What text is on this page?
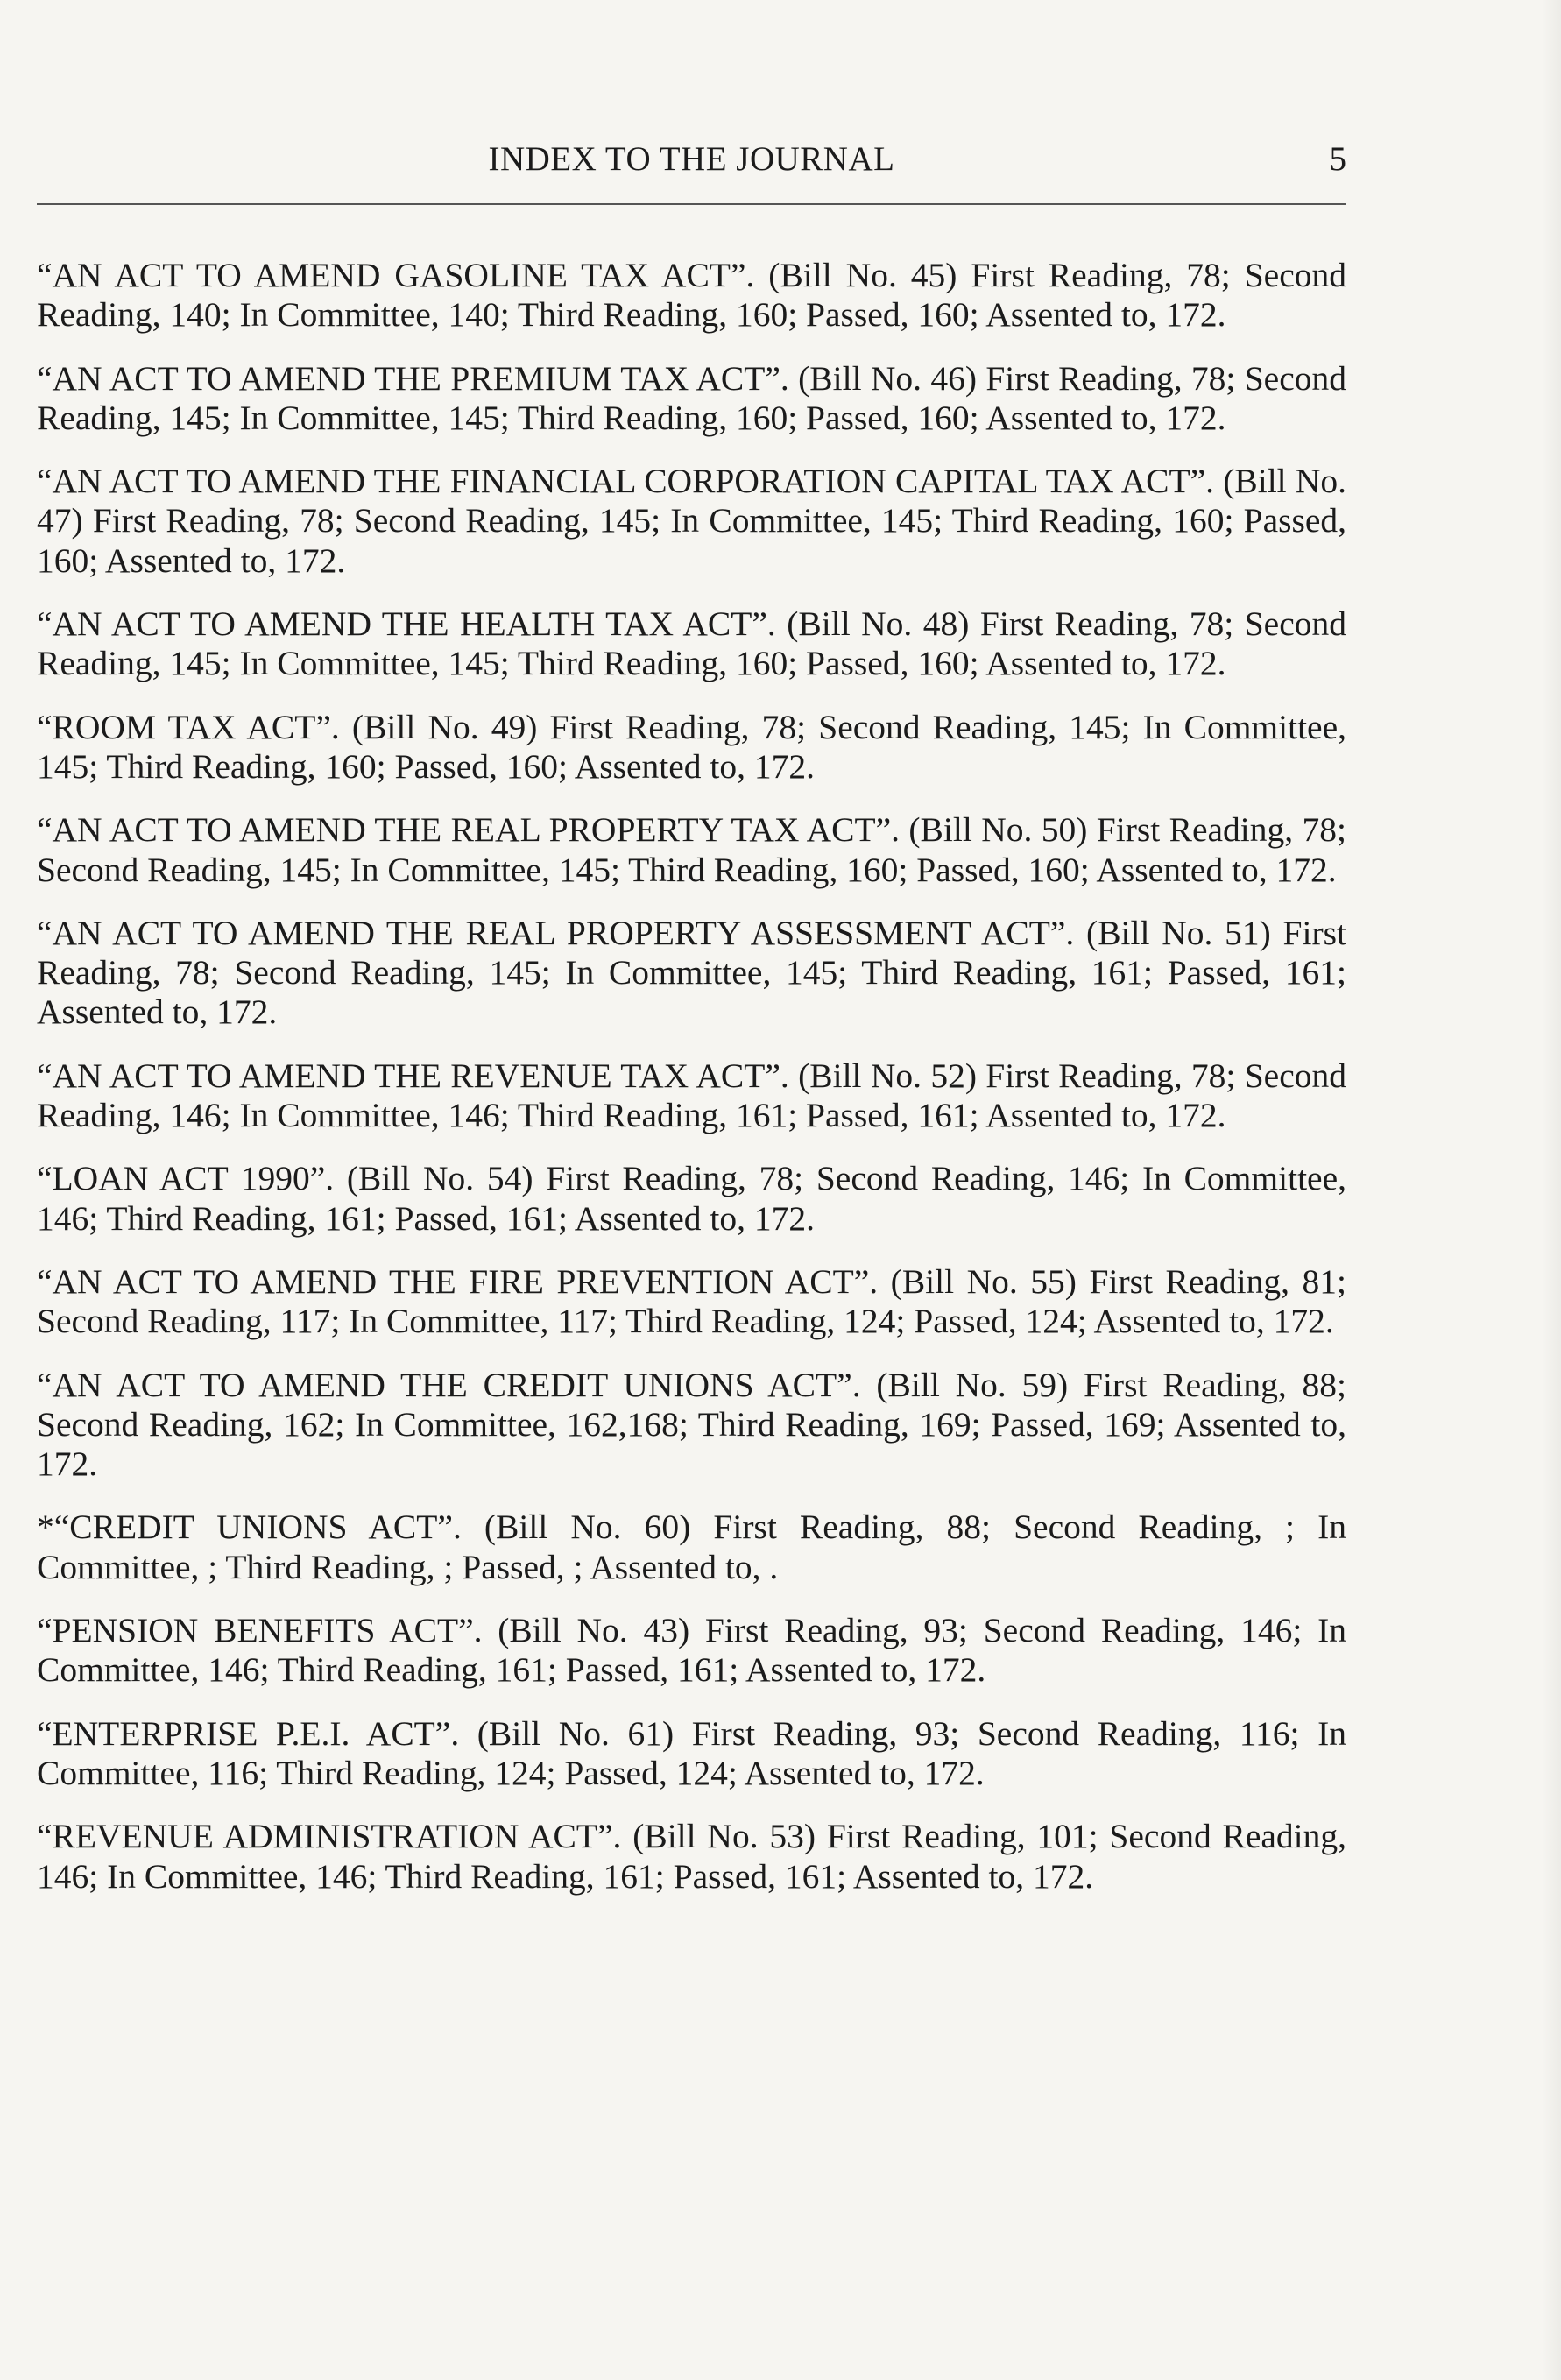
INDEX TO THE JOURNAL	5

“AN ACT TO AMEND GASOLINE TAX ACT”. (Bill No. 45) First Reading, 78; Second Reading, 140; In Committee, 140; Third Reading, 160; Passed, 160; Assented to, 172.

“AN ACT TO AMEND THE PREMIUM TAX ACT”. (Bill No. 46) First Reading, 78; Second Reading, 145; In Committee, 145; Third Reading, 160; Passed, 160; Assented to, 172.

“AN ACT TO AMEND THE FINANCIAL CORPORATION CAPITAL TAX ACT”. (Bill No. 47) First Reading, 78; Second Reading, 145; In Committee, 145; Third Reading, 160; Passed, 160; Assented to, 172.

“AN ACT TO AMEND THE HEALTH TAX ACT”. (Bill No. 48) First Reading, 78; Second Reading, 145; In Committee, 145; Third Reading, 160; Passed, 160; Assented to, 172.

“ROOM TAX ACT”. (Bill No. 49) First Reading, 78; Second Reading, 145; In Committee, 145; Third Reading, 160; Passed, 160; Assented to, 172.

“AN ACT TO AMEND THE REAL PROPERTY TAX ACT”. (Bill No. 50) First Reading, 78; Second Reading, 145; In Committee, 145; Third Reading, 160; Passed, 160; Assented to, 172.

“AN ACT TO AMEND THE REAL PROPERTY ASSESSMENT ACT”. (Bill No. 51) First Reading, 78; Second Reading, 145; In Committee, 145; Third Reading, 161; Passed, 161; Assented to, 172.

“AN ACT TO AMEND THE REVENUE TAX ACT”. (Bill No. 52) First Reading, 78; Second Reading, 146; In Committee, 146; Third Reading, 161; Passed, 161; Assented to, 172.

“LOAN ACT 1990”. (Bill No. 54) First Reading, 78; Second Reading, 146; In Committee, 146; Third Reading, 161; Passed, 161; Assented to, 172.

“AN ACT TO AMEND THE FIRE PREVENTION ACT”. (Bill No. 55) First Reading, 81; Second Reading, 117; In Committee, 117; Third Reading, 124; Passed, 124; Assented to, 172.

“AN ACT TO AMEND THE CREDIT UNIONS ACT”. (Bill No. 59) First Reading, 88; Second Reading, 162; In Committee, 162,168; Third Reading, 169; Passed, 169; Assented to, 172.

*“CREDIT UNIONS ACT”. (Bill No. 60) First Reading, 88; Second Reading, ; In Committee, ; Third Reading, ; Passed, ; Assented to, .

“PENSION BENEFITS ACT”. (Bill No. 43) First Reading, 93; Second Reading, 146; In Committee, 146; Third Reading, 161; Passed, 161; Assented to, 172.

“ENTERPRISE P.E.I. ACT”. (Bill No. 61) First Reading, 93; Second Reading, 116; In Committee, 116; Third Reading, 124; Passed, 124; Assented to, 172.

“REVENUE ADMINISTRATION ACT”. (Bill No. 53) First Reading, 101; Second Reading, 146; In Committee, 146; Third Reading, 161; Passed, 161; Assented to, 172.
